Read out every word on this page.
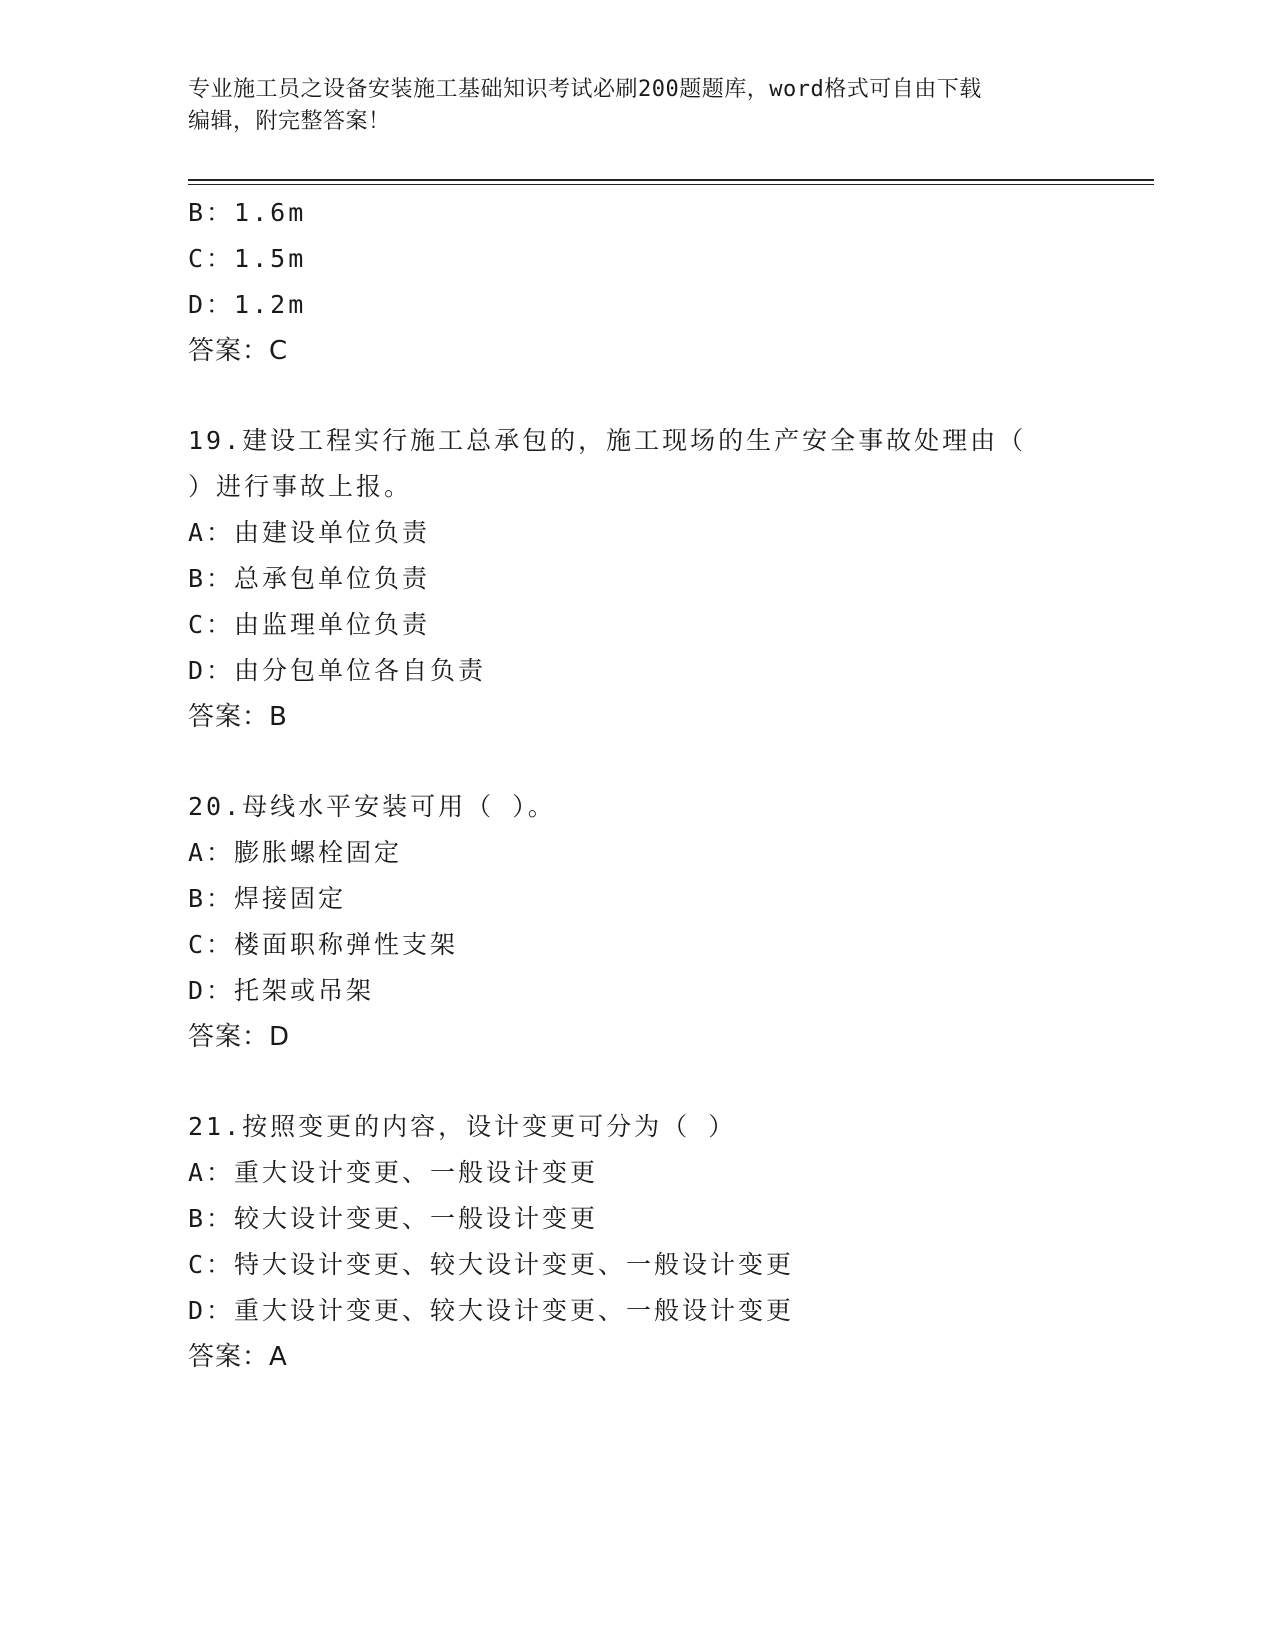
专业施工员之设备安装施工基础知识考试必刷200题题库，word格式可自由下载
编辑，附完整答案！
B：1.6m
C：1.5m
D：1.2m
答案：C
19.建设工程实行施工总承包的，施工现场的生产安全事故处理由（
）进行事故上报。
A：由建设单位负责
B：总承包单位负责
C：由监理单位负责
D：由分包单位各自负责
答案：B
20.母线水平安装可用（ ）。
A：膨胀螺栓固定
B：焊接固定
C：楼面职称弹性支架
D：托架或吊架
答案：D
21.按照变更的内容，设计变更可分为（ ）
A：重大设计变更、一般设计变更
B：较大设计变更、一般设计变更
C：特大设计变更、较大设计变更、一般设计变更
D：重大设计变更、较大设计变更、一般设计变更
答案：A
